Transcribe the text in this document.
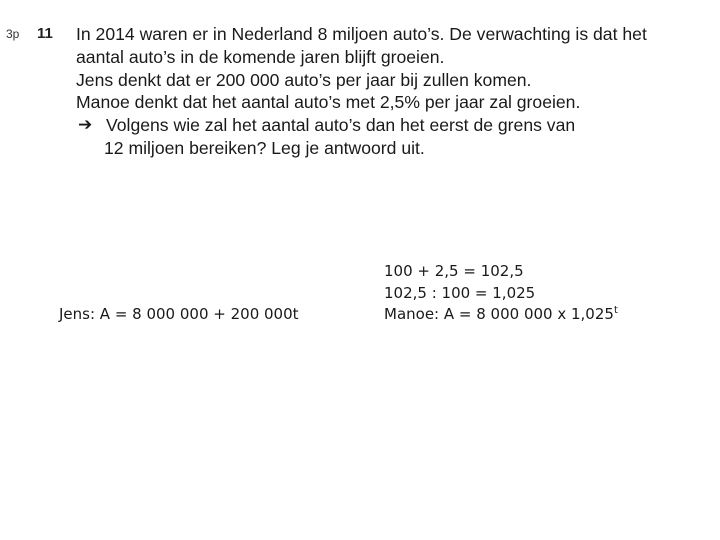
3p 11 In 2014 waren er in Nederland 8 miljoen auto’s. De verwachting is dat het
aantal auto’s in de komende jaren blijft groeien.
Jens denkt dat er 200 000 auto’s per jaar bij zullen komen.
Manoe denkt dat het aantal auto’s met 2,5% per jaar zal groeien.
➔ Volgens wie zal het aantal auto’s dan het eerst de grens van
12 miljoen bereiken? Leg je antwoord uit.
Jens: A = 8 000 000 + 200 000t
100 + 2,5 = 102,5
102,5 : 100 = 1,025
Manoe: A = 8 000 000 x 1,025$^t$
